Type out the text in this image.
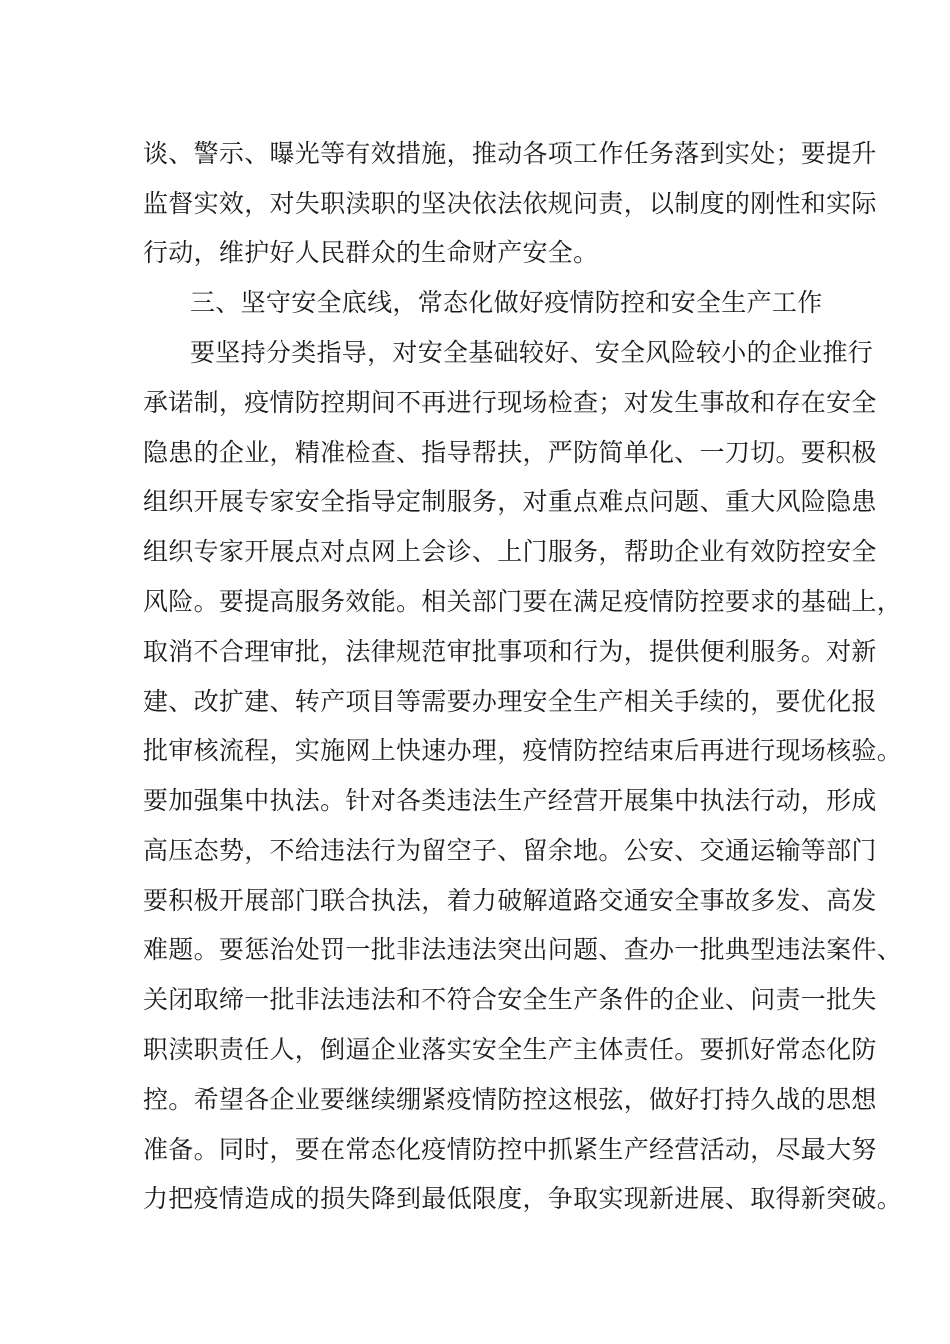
谈、警示、曝光等有效措施，推动各项工作任务落到实处；要提升
监督实效，对失职渎职的坚决依法依规问责，以制度的刚性和实际
行动，维护好人民群众的生命财产安全。
三、坚守安全底线，常态化做好疫情防控和安全生产工作
要坚持分类指导，对安全基础较好、安全风险较小的企业推行
承诺制，疫情防控期间不再进行现场检查；对发生事故和存在安全
隐患的企业，精准检查、指导帮扶，严防简单化、一刀切。要积极
组织开展专家安全指导定制服务，对重点难点问题、重大风险隐患
组织专家开展点对点网上会诊、上门服务，帮助企业有效防控安全
风险。要提高服务效能。相关部门要在满足疫情防控要求的基础上，
取消不合理审批，法律规范审批事项和行为，提供便利服务。对新
建、改扩建、转产项目等需要办理安全生产相关手续的，要优化报
批审核流程，实施网上快速办理，疫情防控结束后再进行现场核验。
要加强集中执法。针对各类违法生产经营开展集中执法行动，形成
高压态势，不给违法行为留空子、留余地。公安、交通运输等部门
要积极开展部门联合执法，着力破解道路交通安全事故多发、高发
难题。要惩治处罚一批非法违法突出问题、查办一批典型违法案件、
关闭取缔一批非法违法和不符合安全生产条件的企业、问责一批失
职渎职责任人，倒逼企业落实安全生产主体责任。要抓好常态化防
控。希望各企业要继续绷紧疫情防控这根弦，做好打持久战的思想
准备。同时，要在常态化疫情防控中抓紧生产经营活动，尽最大努
力把疫情造成的损失降到最低限度，争取实现新进展、取得新突破。
